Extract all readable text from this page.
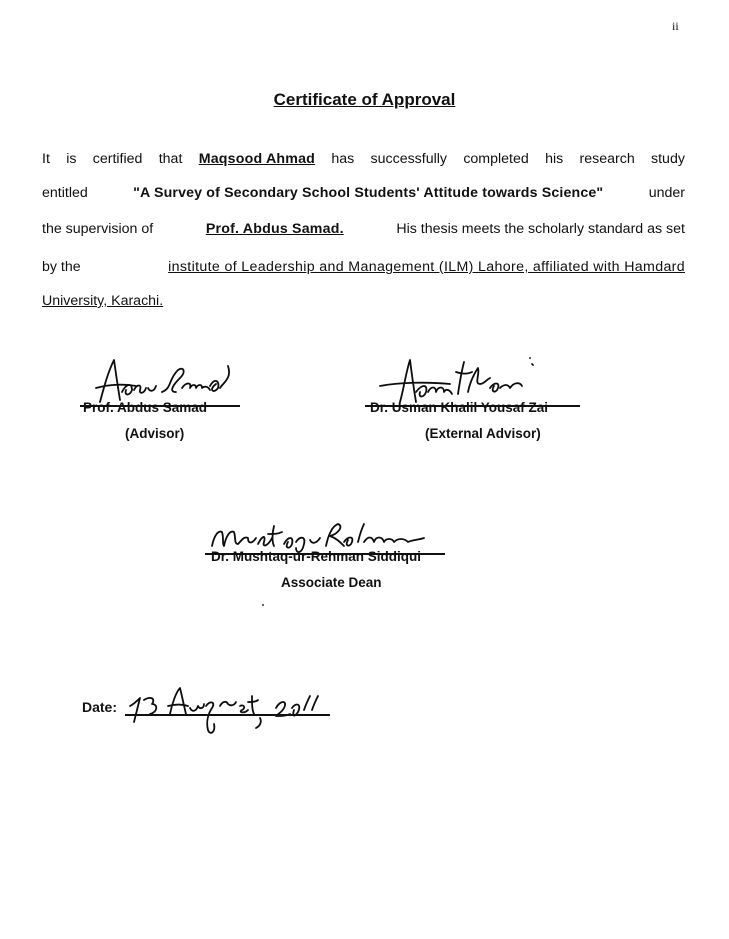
ii
Certificate of Approval
It is certified that Maqsood Ahmad has successfully completed his research study
entitled	"A Survey of Secondary School Students' Attitude towards Science"	under
the supervision of	Prof. Abdus Samad.	His thesis meets the scholarly standard as set
by the	institute of Leadership and Management (ILM) Lahore, affiliated with Hamdard
University, Karachi.
Prof. Abdus Samad
(Advisor)
Dr. Usman Khalil Yousaf Zai
(External Advisor)
Dr. Mushtaq-ur-Rehman Siddiqui
Associate Dean
Date:
